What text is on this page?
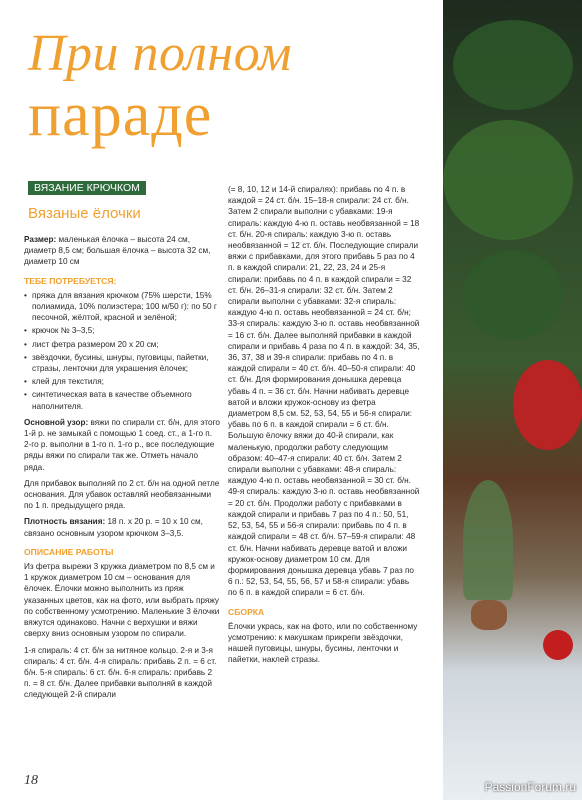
При полном
параде
PassionForum.ru
ВЯЗАНИЕ КРЮЧКОМ
Вязаные ёлочки

Размер: маленькая ёлочка – высота 24 см, диаметр 8,5 см; большая ёлочка – высота 32 см, диаметр 10 см

ТЕБЕ ПОТРЕБУЕТСЯ:
• пряжа для вязания крючком (75% шерсти, 15% полиамида, 10% полиэстера; 100 м/50 г): по 50 г песочной, жёлтой, красной и зелёной;
• крючок № 3–3,5;
• лист фетра размером 20 х 20 см;
• звёздочки, бусины, шнуры, пуговицы, пайетки, стразы, ленточки для украшения ёлочек;
• клей для текстиля;
• синтетическая вата в качестве объемного наполнителя.

Основной узор: вяжи по спирали ст. б/н, для этого 1-й р. не замыкай с помощью 1 соед. ст., а 1-го п. 2-го р. выполни в 1-го п. 1-го р., все последующие ряды вяжи по спирали так же. Отметь начало ряда.

Для прибавок выполняй по 2 ст. б/н на одной петле основания. Для убавок оставляй необвязанными по 1 п. предыдущего ряда.

Плотность вязания: 18 п. х 20 р. = 10 х 10 см, связано основным узором крючком 3–3,5.

ОПИСАНИЕ РАБОТЫ

Из фетра вырежи 3 кружка диаметром по 8,5 см и 1 кружок диаметром 10 см – основания для ёлочек. Ёлочки можно выполнить из пряж указанных цветов, как на фото, или выбрать пряжу по собственному усмотрению. Маленькие 3 ёлочки вяжутся одинаково. Начни с верхушки и вяжи сверху вниз основным узором по спирали.

1-я спираль: 4 ст. б/н за нитяное кольцо. 2-я и 3-я спираль: 4 ст. б/н. 4-я спираль: прибавь 2 п. = 6 ст. б/н. 5-я спираль: 6 ст. б/н. 6-я спираль: прибавь 2 п. = 8 ст. б/н. Далее прибавки выполняй в каждой следующей 2-й спирали

(= 8, 10, 12 и 14-й спиралях): прибавь по 4 п. в каждой = 24 ст. б/н. 15–18-я спирали: 24 ст. б/н. Затем 2 спирали выполни с убавками: 19-я спираль: каждую 4-ю п. оставь необвязанной = 18 ст. б/н. 20-я спираль: каждую 3-ю п. оставь необвязанной = 12 ст. б/н. Последующие спирали вяжи с прибавками, для этого прибавь 5 раз по 4 п. в каждой спирали: 21, 22, 23, 24 и 25-я спирали: прибавь по 4 п. в каждой спирали = 32 ст. б/н. 26–31-я спирали: 32 ст. б/н. Затем 2 спирали выполни с убавками: 32-я спираль: каждую 4-ю п. оставь необвязанной = 24 ст. б/н; 33-я спираль: каждую 3-ю п. оставь необвязанной = 16 ст. б/н. Далее выполняй прибавки в каждой спирали и прибавь 4 раза по 4 п. в каждой: 34, 35, 36, 37, 38 и 39-я спирали: прибавь по 4 п. в каждой спирали = 40 ст. б/н. 40–50-я спирали: 40 ст. б/н. Для формирования донышка деревца убавь 4 п. = 36 ст. б/н. Начни набивать деревце ватой и вложи кружок-основу из фетра диаметром 8,5 см. 52, 53, 54, 55 и 56-я спирали: убавь по 6 п. в каждой спирали = 6 ст. б/н. Большую ёлочку вяжи до 40-й спирали, как маленькую, продолжи работу следующим образом: 40–47-я спирали: 40 ст. б/н. Затем 2 спирали выполни с убавками: 48-я спираль: каждую 4-ю п. оставь необвязанной = 30 ст. б/н. 49-я спираль: каждую 3-ю п. оставь необвязанной = 20 ст. б/н. Продолжи работу с прибавками в каждой спирали и прибавь 7 раз по 4 п.: 50, 51, 52, 53, 54, 55 и 56-я спирали: прибавь по 4 п. в каждой спирали = 48 ст. б/н. 57–59-я спирали: 48 ст. б/н. Начни набивать деревце ватой и вложи кружок-основу диаметром 10 см. Для формирования донышка деревца убавь 7 раз по 6 п.: 52, 53, 54, 55, 56, 57 и 58-я спирали: убавь по 6 п. в каждой спирали = 6 ст. б/н.

СБОРКА

Ёлочки укрась, как на фото, или по собственному усмотрению: к макушкам прикрепи звёздочки, нашей пуговицы, шнуры, бусины, ленточки и пайетки, наклей стразы.

18
